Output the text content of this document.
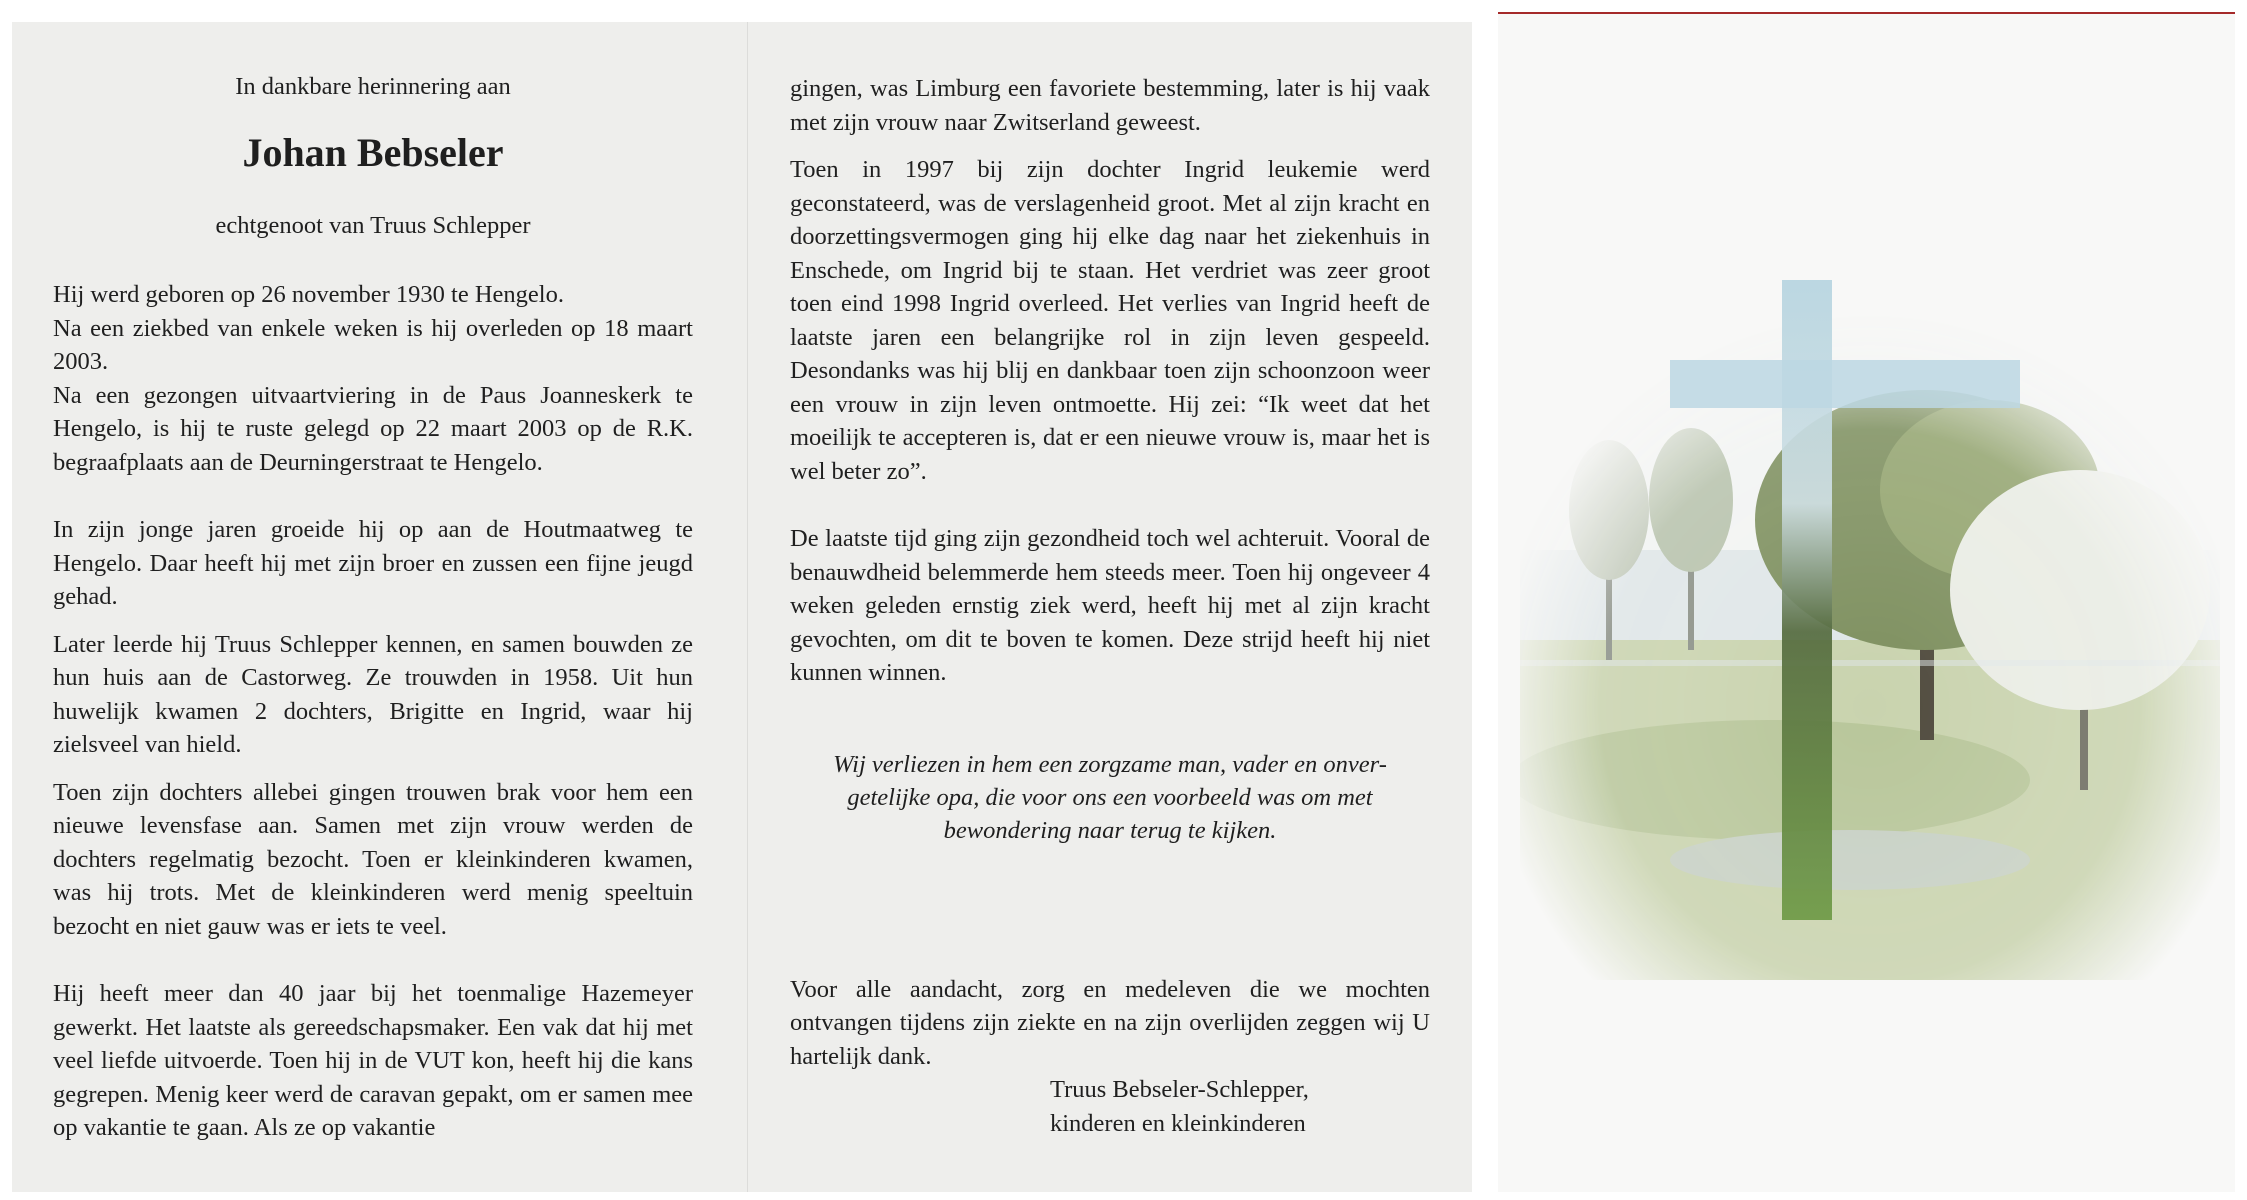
In dankbare herinnering aan
Johan Bebseler
echtgenoot van Truus Schlepper

Hij werd geboren op 26 november 1930 te Hengelo.

Na een ziekbed van enkele weken is hij overleden op 18 maart 2003.

Na een gezongen uitvaartviering in de Paus Joanneskerk te Hengelo, is hij te ruste gelegd op 22 maart 2003 op de R.K. begraafplaats aan de Deurningerstraat te Hengelo.

In zijn jonge jaren groeide hij op aan de Houtmaatweg te Hengelo. Daar heeft hij met zijn broer en zussen een fijne jeugd gehad.

Later leerde hij Truus Schlepper kennen, en samen bouwden ze hun huis aan de Castorweg. Ze trouwden in 1958. Uit hun huwelijk kwamen 2 dochters, Brigitte en Ingrid, waar hij zielsveel van hield.

Toen zijn dochters allebei gingen trouwen brak voor hem een nieuwe levensfase aan. Samen met zijn vrouw werden de dochters regelmatig bezocht. Toen er kleinkinderen kwamen, was hij trots. Met de kleinkinderen werd menig speeltuin bezocht en niet gauw was er iets te veel.

Hij heeft meer dan 40 jaar bij het toenmalige Hazemeyer gewerkt. Het laatste als gereedschapsmaker. Een vak dat hij met veel liefde uitvoerde. Toen hij in de VUT kon, heeft hij die kans gegrepen. Menig keer werd de caravan gepakt, om er samen mee op vakantie te gaan. Als ze op vakantie

gingen, was Limburg een favoriete bestemming, later is hij vaak met zijn vrouw naar Zwitserland geweest.

Toen in 1997 bij zijn dochter Ingrid leukemie werd geconstateerd, was de verslagenheid groot. Met al zijn kracht en doorzettingsvermogen ging hij elke dag naar het ziekenhuis in Enschede, om Ingrid bij te staan. Het verdriet was zeer groot toen eind 1998 Ingrid overleed. Het verlies van Ingrid heeft de laatste jaren een belangrijke rol in zijn leven gespeeld. Desondanks was hij blij en dankbaar toen zijn schoonzoon weer een vrouw in zijn leven ontmoette. Hij zei: “Ik weet dat het moeilijk te accepteren is, dat er een nieuwe vrouw is, maar het is wel beter zo”.

De laatste tijd ging zijn gezondheid toch wel achteruit. Vooral de benauwdheid belemmerde hem steeds meer. Toen hij ongeveer 4 weken geleden ernstig ziek werd, heeft hij met al zijn kracht gevochten, om dit te boven te komen. Deze strijd heeft hij niet kunnen winnen.

Wij verliezen in hem een zorgzame man, vader en onver-
getelijke opa, die voor ons een voorbeeld was om met
bewondering naar terug te kijken.

Voor alle aandacht, zorg en medeleven die we mochten ontvangen tijdens zijn ziekte en na zijn overlijden zeggen wij U hartelijk dank.

Truus Bebseler-Schlepper,
kinderen en kleinkinderen
